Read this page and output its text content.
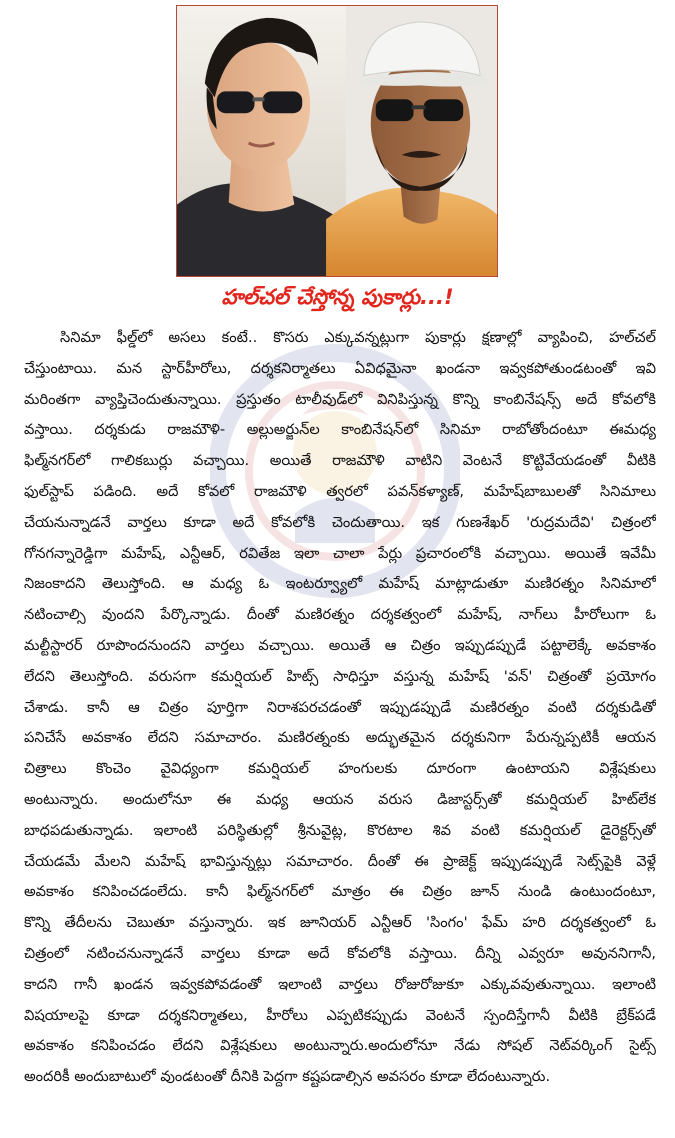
హల్‌చల్ చేస్తోన్న పుకార్లు...!
సినిమా ఫీల్డ్‌లో అసలు కంటే.. కొసరు ఎక్కువన్నట్లుగా పుకార్లు క్షణాల్లో వ్యాపించి, హల్‌చల్
చేస్తుంటాయి. మన స్టార్‌హీరోలు, దర్శకనిర్మాతలు ఏవిధమైనా ఖండనా ఇవ్వకపోతుండటంతో ఇవి
మరింతగా వ్యాప్తిచెందుతున్నాయి. ప్రస్తుతం టాలీవుడ్‌లో వినిపిస్తున్న కొన్ని కాంబినేషన్స్ అదే కోవలోకి
వస్తాయి. దర్శకుడు రాజమౌళి- అల్లుఅర్జున్‌ల కాంబినేషన్‌లో సినిమా రాబోతోందంటూ ఈమధ్య
ఫిల్మ్‌నగర్‌లో గాలికబుర్లు వచ్చాయి. అయితే రాజమౌళి వాటిని వెంటనే కొట్టివేయడంతో వీటికి
ఫుల్‌స్టాప్ పడింది. అదే కోవలో రాజమౌళి త్వరలో పవన్‌కళ్యాణ్, మహేష్‌బాబులతో సినిమాలు
చేయనున్నాడనే వార్తలు కూడా అదే కోవలోకి చెందుతాయి. ఇక గుణశేఖర్ 'రుద్రమదేవి' చిత్రంలో
గోనగన్నారెడ్డిగా మహేష్, ఎన్టీఆర్, రవితేజ ఇలా చాలా పేర్లు ప్రచారంలోకి వచ్చాయి. అయితే ఇవేమీ
నిజంకాదని తెలుస్తోంది. ఆ మధ్య ఓ ఇంటర్వ్యూలో మహేష్ మాట్లాడుతూ మణిరత్నం సినిమాలో
నటించాల్సి వుందని పేర్కొన్నాడు. దీంతో మణిరత్నం దర్శకత్వంలో మహేష్, నాగ్‌లు హీరోలుగా ఓ
మల్టీస్టారర్ రూపొందనుందని వార్తలు వచ్చాయి. అయితే ఆ చిత్రం ఇప్పుడప్పుడే పట్టాలెక్కే అవకాశం
లేదని తెలుస్తోంది. వరుసగా కమర్షియల్ హిట్స్ సాధిస్తూ వస్తున్న మహేష్ 'వన్' చిత్రంతో ప్రయోగం
చేశాడు. కానీ ఆ చిత్రం పూర్తిగా నిరాశపరచడంతో ఇప్పుడప్పుడే మణిరత్నం వంటి దర్శకుడితో
పనిచేసే అవకాశం లేదని సమాచారం. మణిరత్నంకు అద్భుతమైన దర్శకునిగా పేరున్నప్పటికీ ఆయన
చిత్రాలు కొంచెం వైవిధ్యంగా కమర్షియల్ హంగులకు దూరంగా ఉంటాయని విశ్లేషకులు
అంటున్నారు. అందులోనూ ఈ మధ్య ఆయన వరుస డిజాస్టర్స్‌తో కమర్షియల్ హిట్‌లేక
బాధపడుతున్నాడు. ఇలాంటి పరిస్థితుల్లో శ్రీనువైట్ల, కొరటాల శివ వంటి కమర్షియల్ డైరెక్టర్స్‌తో
చేయడమే మేలని మహేష్ భావిస్తున్నట్లు సమాచారం. దీంతో ఈ ప్రాజెక్ట్ ఇప్పుడప్పుడే సెట్స్‌పైకి వెళ్లే
అవకాశం కనిపించడంలేదు. కానీ ఫిల్మ్‌నగర్‌లో మాత్రం ఈ చిత్రం జూన్ నుండి ఉంటుందంటూ,
కొన్ని తేదీలను చెబుతూ వస్తున్నారు. ఇక జూనియర్ ఎన్టీఆర్ 'సింగం' ఫేమ్ హరి దర్శకత్వంలో ఓ
చిత్రంలో నటించనున్నాడనే వార్తలు కూడా అదే కోవలోకి వస్తాయి. దీన్ని ఎవ్వరూ అవుననిగానీ,
కాదని గానీ ఖండన ఇవ్వకపోవడంతో ఇలాంటి వార్తలు రోజురోజుకూ ఎక్కువవుతున్నాయి. ఇలాంటి
విషయాలపై కూడా దర్శకనిర్మాతలు, హీరోలు ఎప్పటికప్పుడు వెంటనే స్పందిస్తేగానీ వీటికి బ్రేక్‌పడే
అవకాశం కనిపించడం లేదని విశ్లేషకులు అంటున్నారు.అందులోనూ నేడు సోషల్ నెట్‌వర్కింగ్ సైట్స్
అందరికీ అందుబాటులో వుండటంతో దీనికి పెద్దగా కష్టపడాల్సిన అవసరం కూడా లేదంటున్నారు.
